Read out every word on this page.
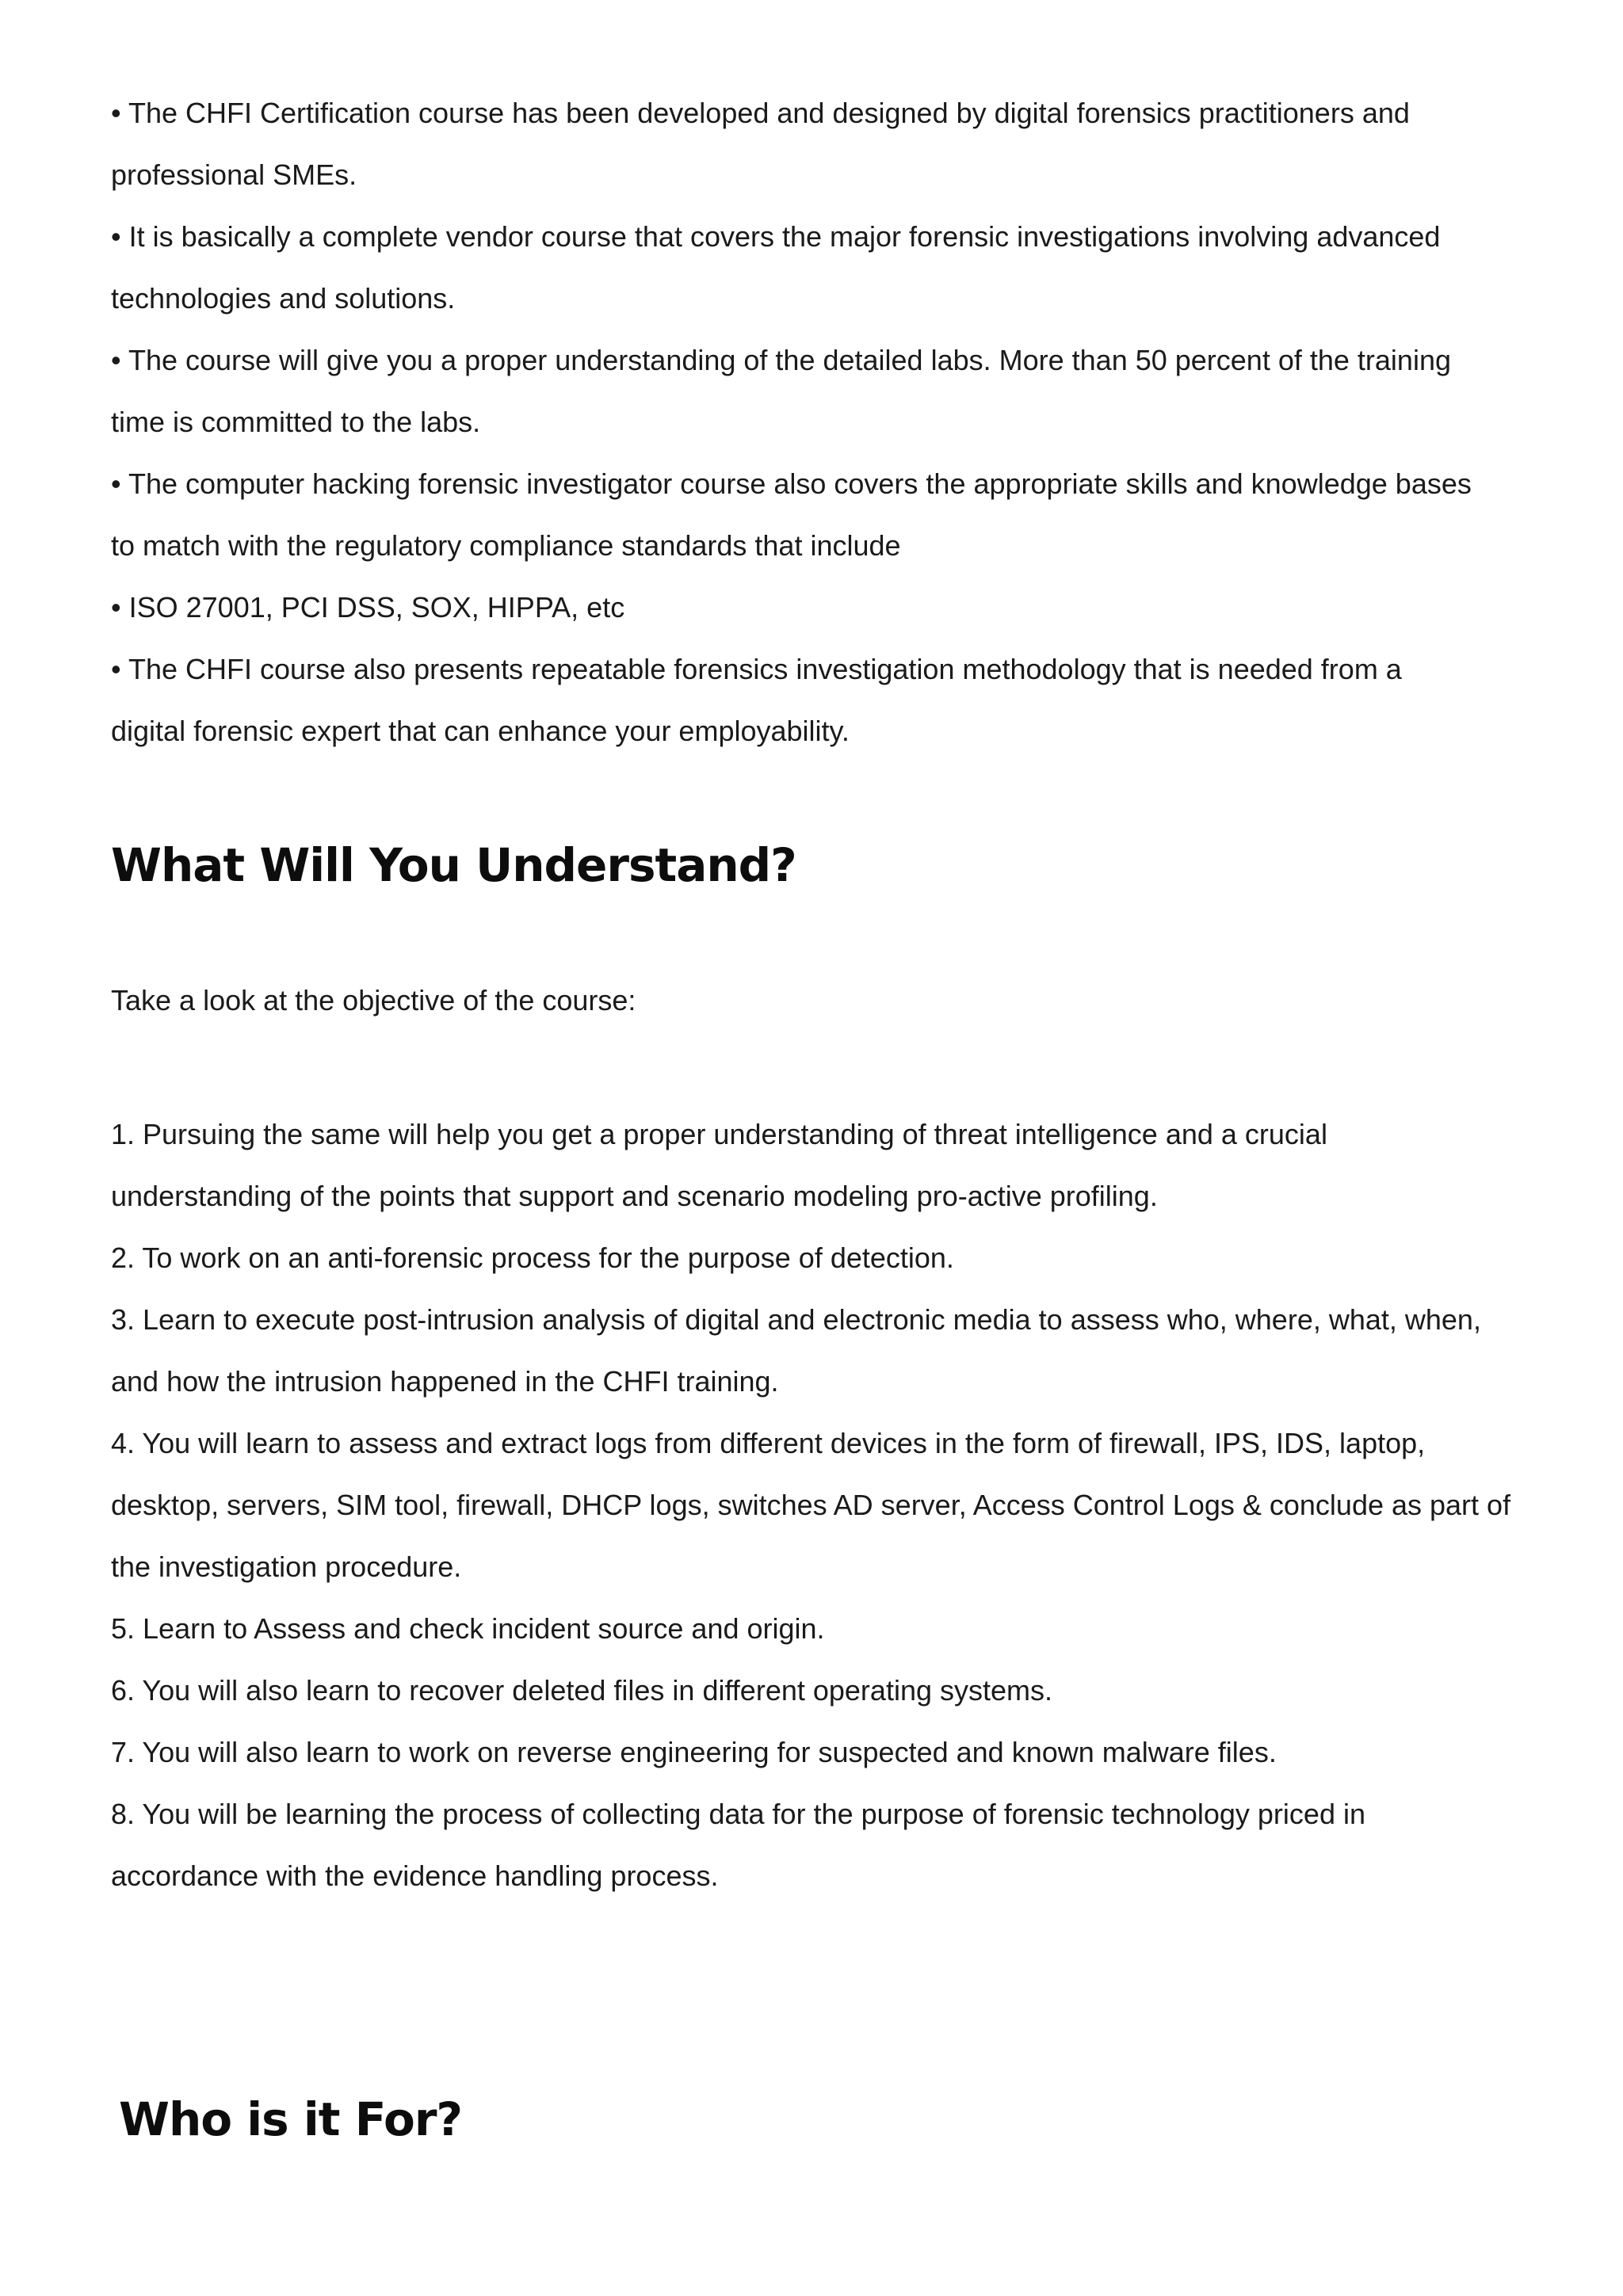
• The CHFI Certification course has been developed and designed by digital forensics practitioners and
professional SMEs.

• It is basically a complete vendor course that covers the major forensic investigations involving advanced
technologies and solutions.

• The course will give you a proper understanding of the detailed labs. More than 50 percent of the training
time is committed to the labs.

• The computer hacking forensic investigator course also covers the appropriate skills and knowledge bases
to match with the regulatory compliance standards that include

• ISO 27001, PCI DSS, SOX, HIPPA, etc

• The CHFI course also presents repeatable forensics investigation methodology that is needed from a
digital forensic expert that can enhance your employability.

What Will You Understand?

Take a look at the objective of the course:

1. Pursuing the same will help you get a proper understanding of threat intelligence and a crucial
understanding of the points that support and scenario modeling pro-active profiling.

2. To work on an anti-forensic process for the purpose of detection.

3. Learn to execute post-intrusion analysis of digital and electronic media to assess who, where, what, when,
and how the intrusion happened in the CHFI training.

4. You will learn to assess and extract logs from different devices in the form of firewall, IPS, IDS, laptop,
desktop, servers, SIM tool, firewall, DHCP logs, switches AD server, Access Control Logs & conclude as part of
the investigation procedure.

5. Learn to Assess and check incident source and origin.

6. You will also learn to recover deleted files in different operating systems.

7. You will also learn to work on reverse engineering for suspected and known malware files.

8. You will be learning the process of collecting data for the purpose of forensic technology priced in
accordance with the evidence handling process.

Who is it For?
